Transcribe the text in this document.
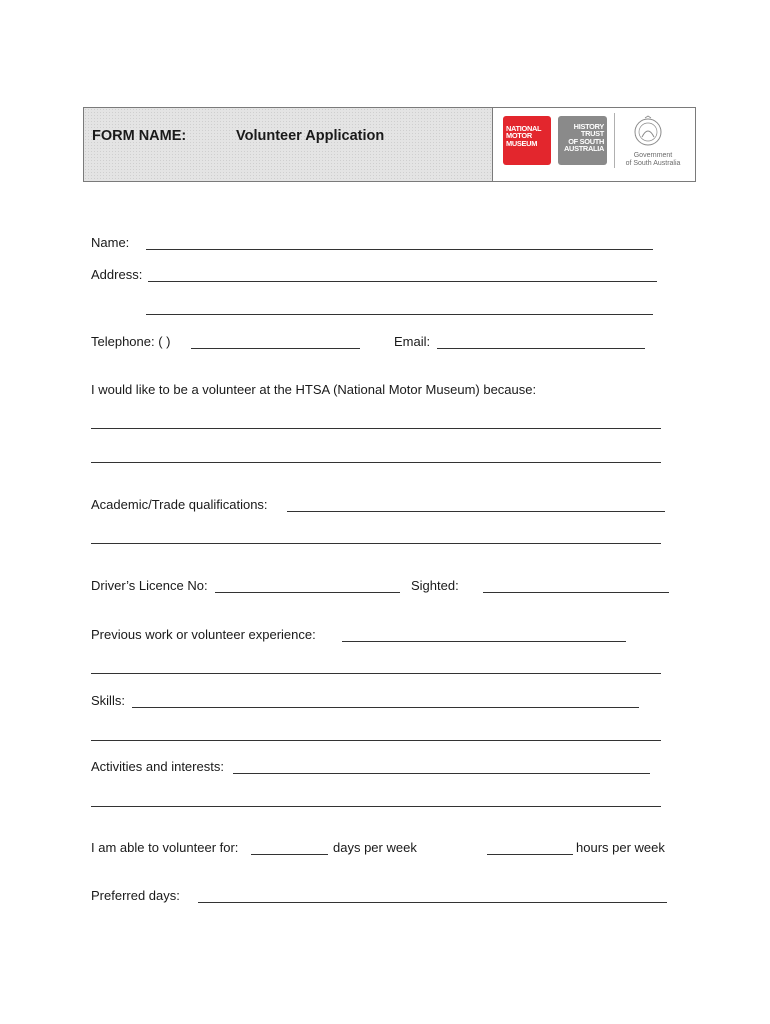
FORM NAME:	Volunteer Application	NATIONAL
MOTOR
MUSEUM
HISTORY
TRUST
OF SOUTH
AUSTRALIA
Government
of South Australia
Name:
Address:
Telephone: ( )	Email:
I would like to be a volunteer at the HTSA (National Motor Museum) because:
Academic/Trade qualifications:
Driver’s Licence No:	Sighted:
Previous work or volunteer experience:
Skills:
Activities and interests:
I am able to volunteer for:	days per week	hours per week
Preferred days:
